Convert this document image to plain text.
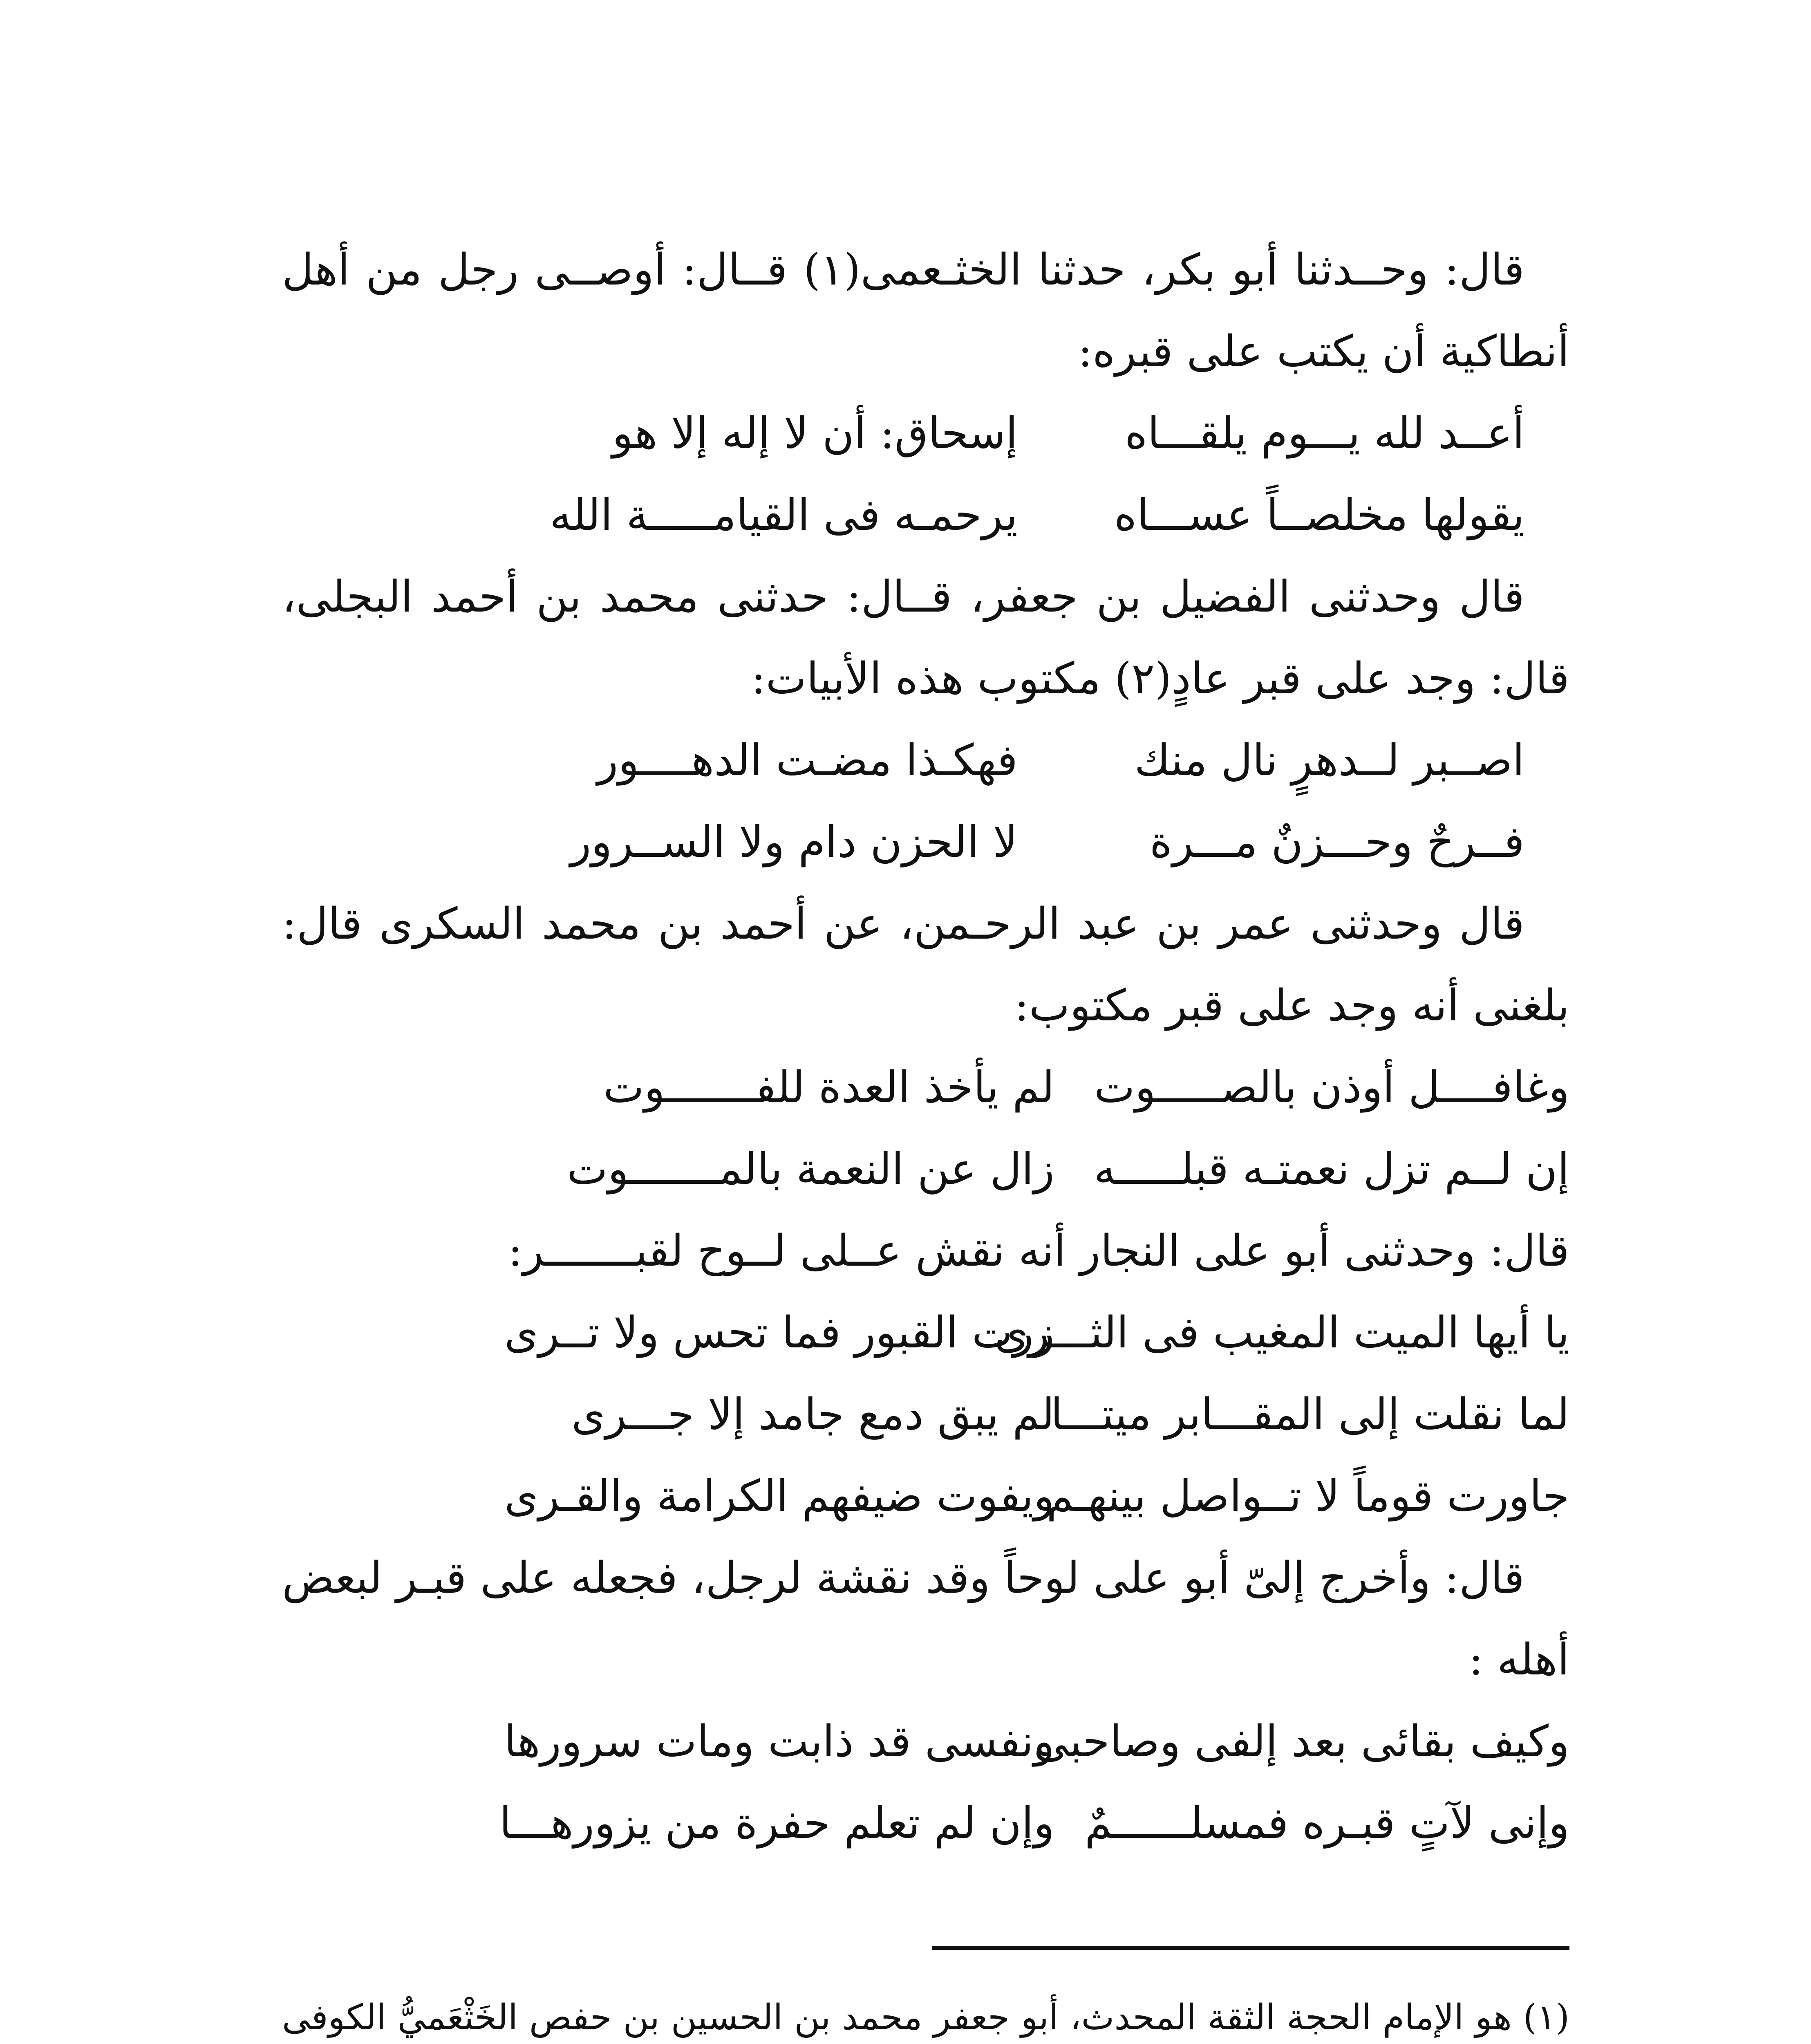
قال: وحــدثنا أبو بكر، حدثنا الخثـعمى(١) قــال: أوصــى رجل من أهل أنطاكية أن يكتب على قبره:

أعــد لله يـــوم يلقـــاه
إسحاق: أن لا إله إلا هو
يقولها مخلصــاً عســـاه
يرحمـه فى القيامـــــة الله

قال وحدثنى الفضيل بن جعفر، قــال: حدثنى محمد بن أحمد البجلى، قال: وجد على قبر عادٍ(٢) مكتوب هذه الأبيات:

اصــبر لــدهرٍ نال منك
فهكـذا مضـت الدهــــور
فــرحٌ وحـــزنٌ مـــرة
لا الحزن دام ولا الســرور

قال وحدثنى عمر بن عبد الرحـمن، عن أحمد بن محمد السكرى قال: بلغنى أنه وجد على قبر مكتوب:

وغافــــل أوذن بالصـــــوت
لم يأخذ العدة للفـــــــوت
إن لــم تزل نعمتـه قبلـــــه
زال عن النعمة بالمـــــــوت

قال: وحدثنى أبو على النجار أنه نقش عــلى لــوح لقبـــــــر:

يا أيها الميت المغيب فى الثـــرى
زرت القبور فما تحس ولا تــرى
لما نقلت إلى المقـــابر ميتـــا
لم يبق دمع جامد إلا جـــرى
جاورت قوماً لا تــواصل بينهـم
ويفوت ضيفهم الكرامة والقـرى

قال: وأخرج إلىّ أبو على لوحاً وقد نقشة لرجل، فجعله على قبـر لبعض أهله :

وكيف بقائى بعد إلفى وصاحبى
ونفسى قد ذابت ومات سرورها
وإنى لآتٍ قبـره فمسلــــــمٌ
وإن لم تعلم حفرة من يزورهـــا

(١) هو الإمام الحجة الثقة المحدث، أبو جعفر محمد بن الحسين بن حفص الخَثْعَميُّ الكوفى
